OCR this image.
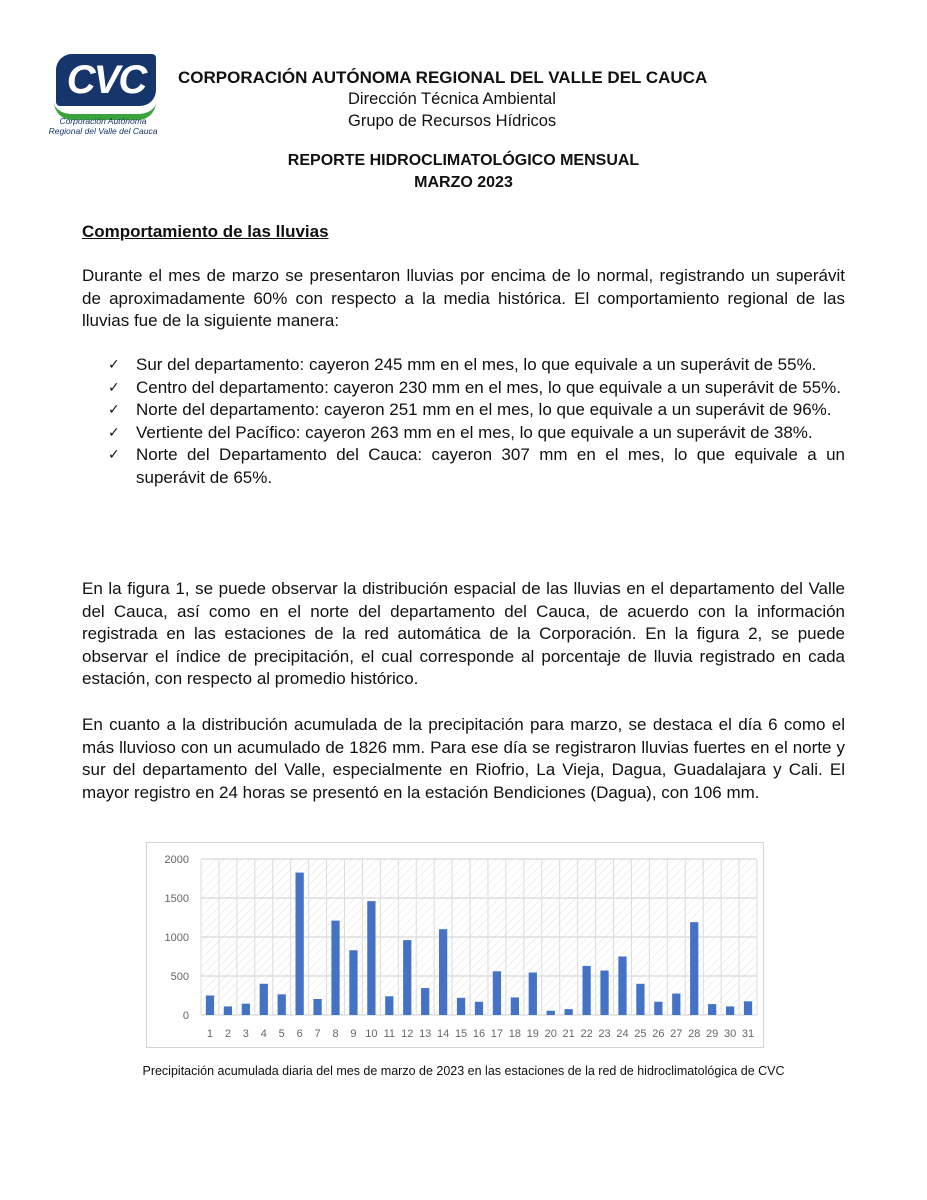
CVC
Corporación Autónoma
Regional del Valle del Cauca
CORPORACIÓN AUTÓNOMA REGIONAL DEL VALLE DEL CAUCA
Dirección Técnica Ambiental
Grupo de Recursos Hídricos
REPORTE HIDROCLIMATOLÓGICO MENSUAL
MARZO 2023
Comportamiento de las lluvias

Durante el mes de marzo se presentaron lluvias por encima de lo normal, registrando un superávit de aproximadamente 60% con respecto a la media histórica. El comportamiento regional de las lluvias fue de la siguiente manera:

✓ Sur del departamento: cayeron 245 mm en el mes, lo que equivale a un superávit de 55%.
✓ Centro del departamento: cayeron 230 mm en el mes, lo que equivale a un superávit de 55%.
✓ Norte del departamento: cayeron 251 mm en el mes, lo que equivale a un superávit de 96%.
✓ Vertiente del Pacífico: cayeron 263 mm en el mes, lo que equivale a un superávit de 38%.
✓ Norte del Departamento del Cauca: cayeron 307 mm en el mes, lo que equivale a un superávit de 65%.

En la figura 1, se puede observar la distribución espacial de las lluvias en el departamento del Valle del Cauca, así como en el norte del departamento del Cauca, de acuerdo con la información registrada en las estaciones de la red automática de la Corporación. En la figura 2, se puede observar el índice de precipitación, el cual corresponde al porcentaje de lluvia registrado en cada estación, con respecto al promedio histórico.

En cuanto a la distribución acumulada de la precipitación para marzo, se destaca el día 6 como el más lluvioso con un acumulado de 1826 mm. Para ese día se registraron lluvias fuertes en el norte y sur del departamento del Valle, especialmente en Riofrio, La Vieja, Dagua, Guadalajara y Cali. El mayor registro en 24 horas se presentó en la estación Bendiciones (Dagua), con 106 mm.

0
500
1000
1500
2000
1 2 3 4 5 6 7 8 9 10 11 12 13 14 15 16 17 18 19 20 21 22 23 24 25 26 27 28 29 30 31
Precipitación acumulada diaria del mes de marzo de 2023 en las estaciones de la red de hidroclimatológica de CVC
